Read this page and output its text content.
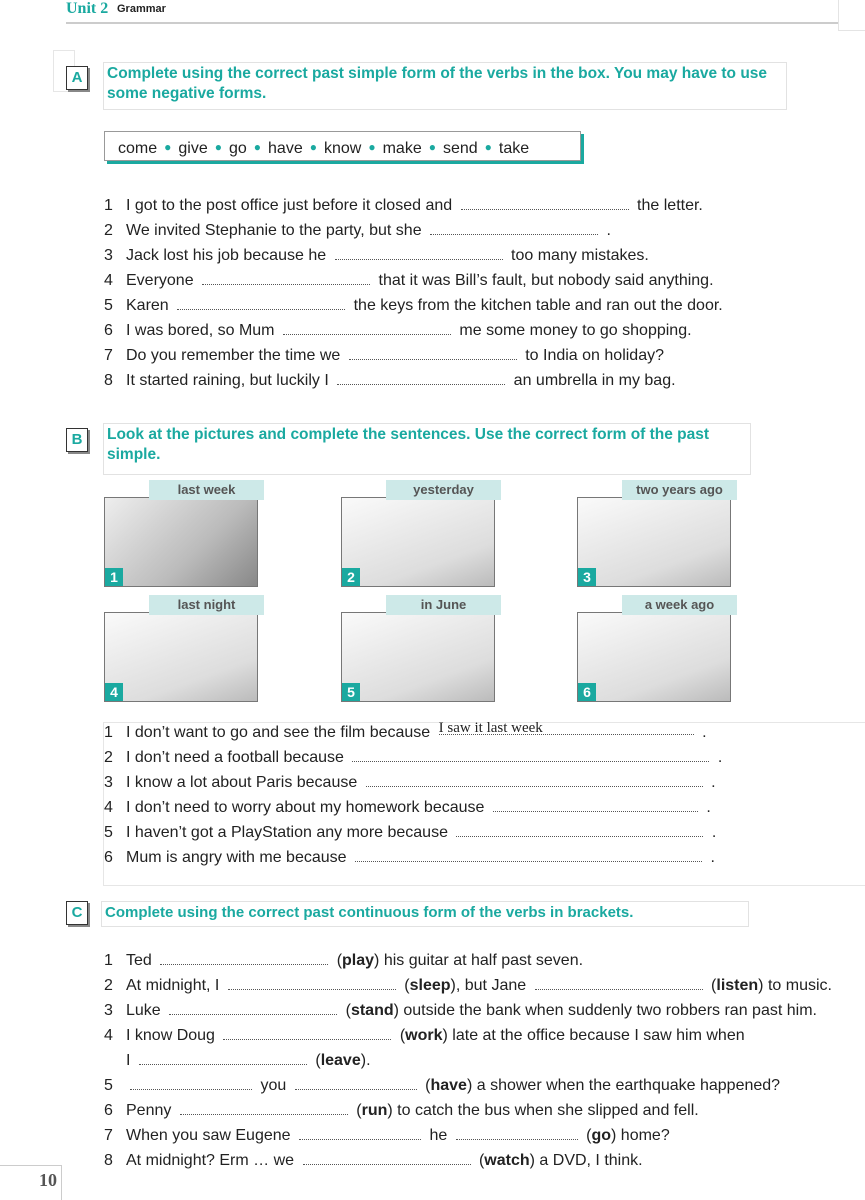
Unit 2 Grammar
A	Complete using the correct past simple form of the verbs in the box. You may have to use some negative forms.
come ● give ● go ● have ● know ● make ● send ● take
1 I got to the post office just before it closed and	the letter.
2 We invited Stephanie to the party, but she	.
3 Jack lost his job because he	too many mistakes.
4 Everyone	that it was Bill’s fault, but nobody said anything.
5 Karen	the keys from the kitchen table and ran out the door.
6 I was bored, so Mum	me some money to go shopping.
7 Do you remember the time we	to India on holiday?
8 It started raining, but luckily I	an umbrella in my bag.
B	Look at the pictures and complete the sentences. Use the correct form of the past simple.
1
last week
2
yesterday
3
two years ago
4
last night
5
in June
6
a week ago
1 I don’t want to go and see the film because I saw it last week	.
2 I don’t need a football because	.
3 I know a lot about Paris because	.
4 I don’t need to worry about my homework because	.
5 I haven’t got a PlayStation any more because	.
6 Mum is angry with me because	.
C	Complete using the correct past continuous form of the verbs in brackets.
1 Ted	(play) his guitar at half past seven.
2 At midnight, I	(sleep), but Jane	(listen) to music.
3 Luke	(stand) outside the bank when suddenly two robbers ran past him.
4 I know Doug	(work) late at the office because I saw him when
I	(leave).
5	you	(have) a shower when the earthquake happened?
6 Penny	(run) to catch the bus when she slipped and fell.
7 When you saw Eugene	he	(go) home?
8 At midnight? Erm … we	(watch) a DVD, I think.
10
